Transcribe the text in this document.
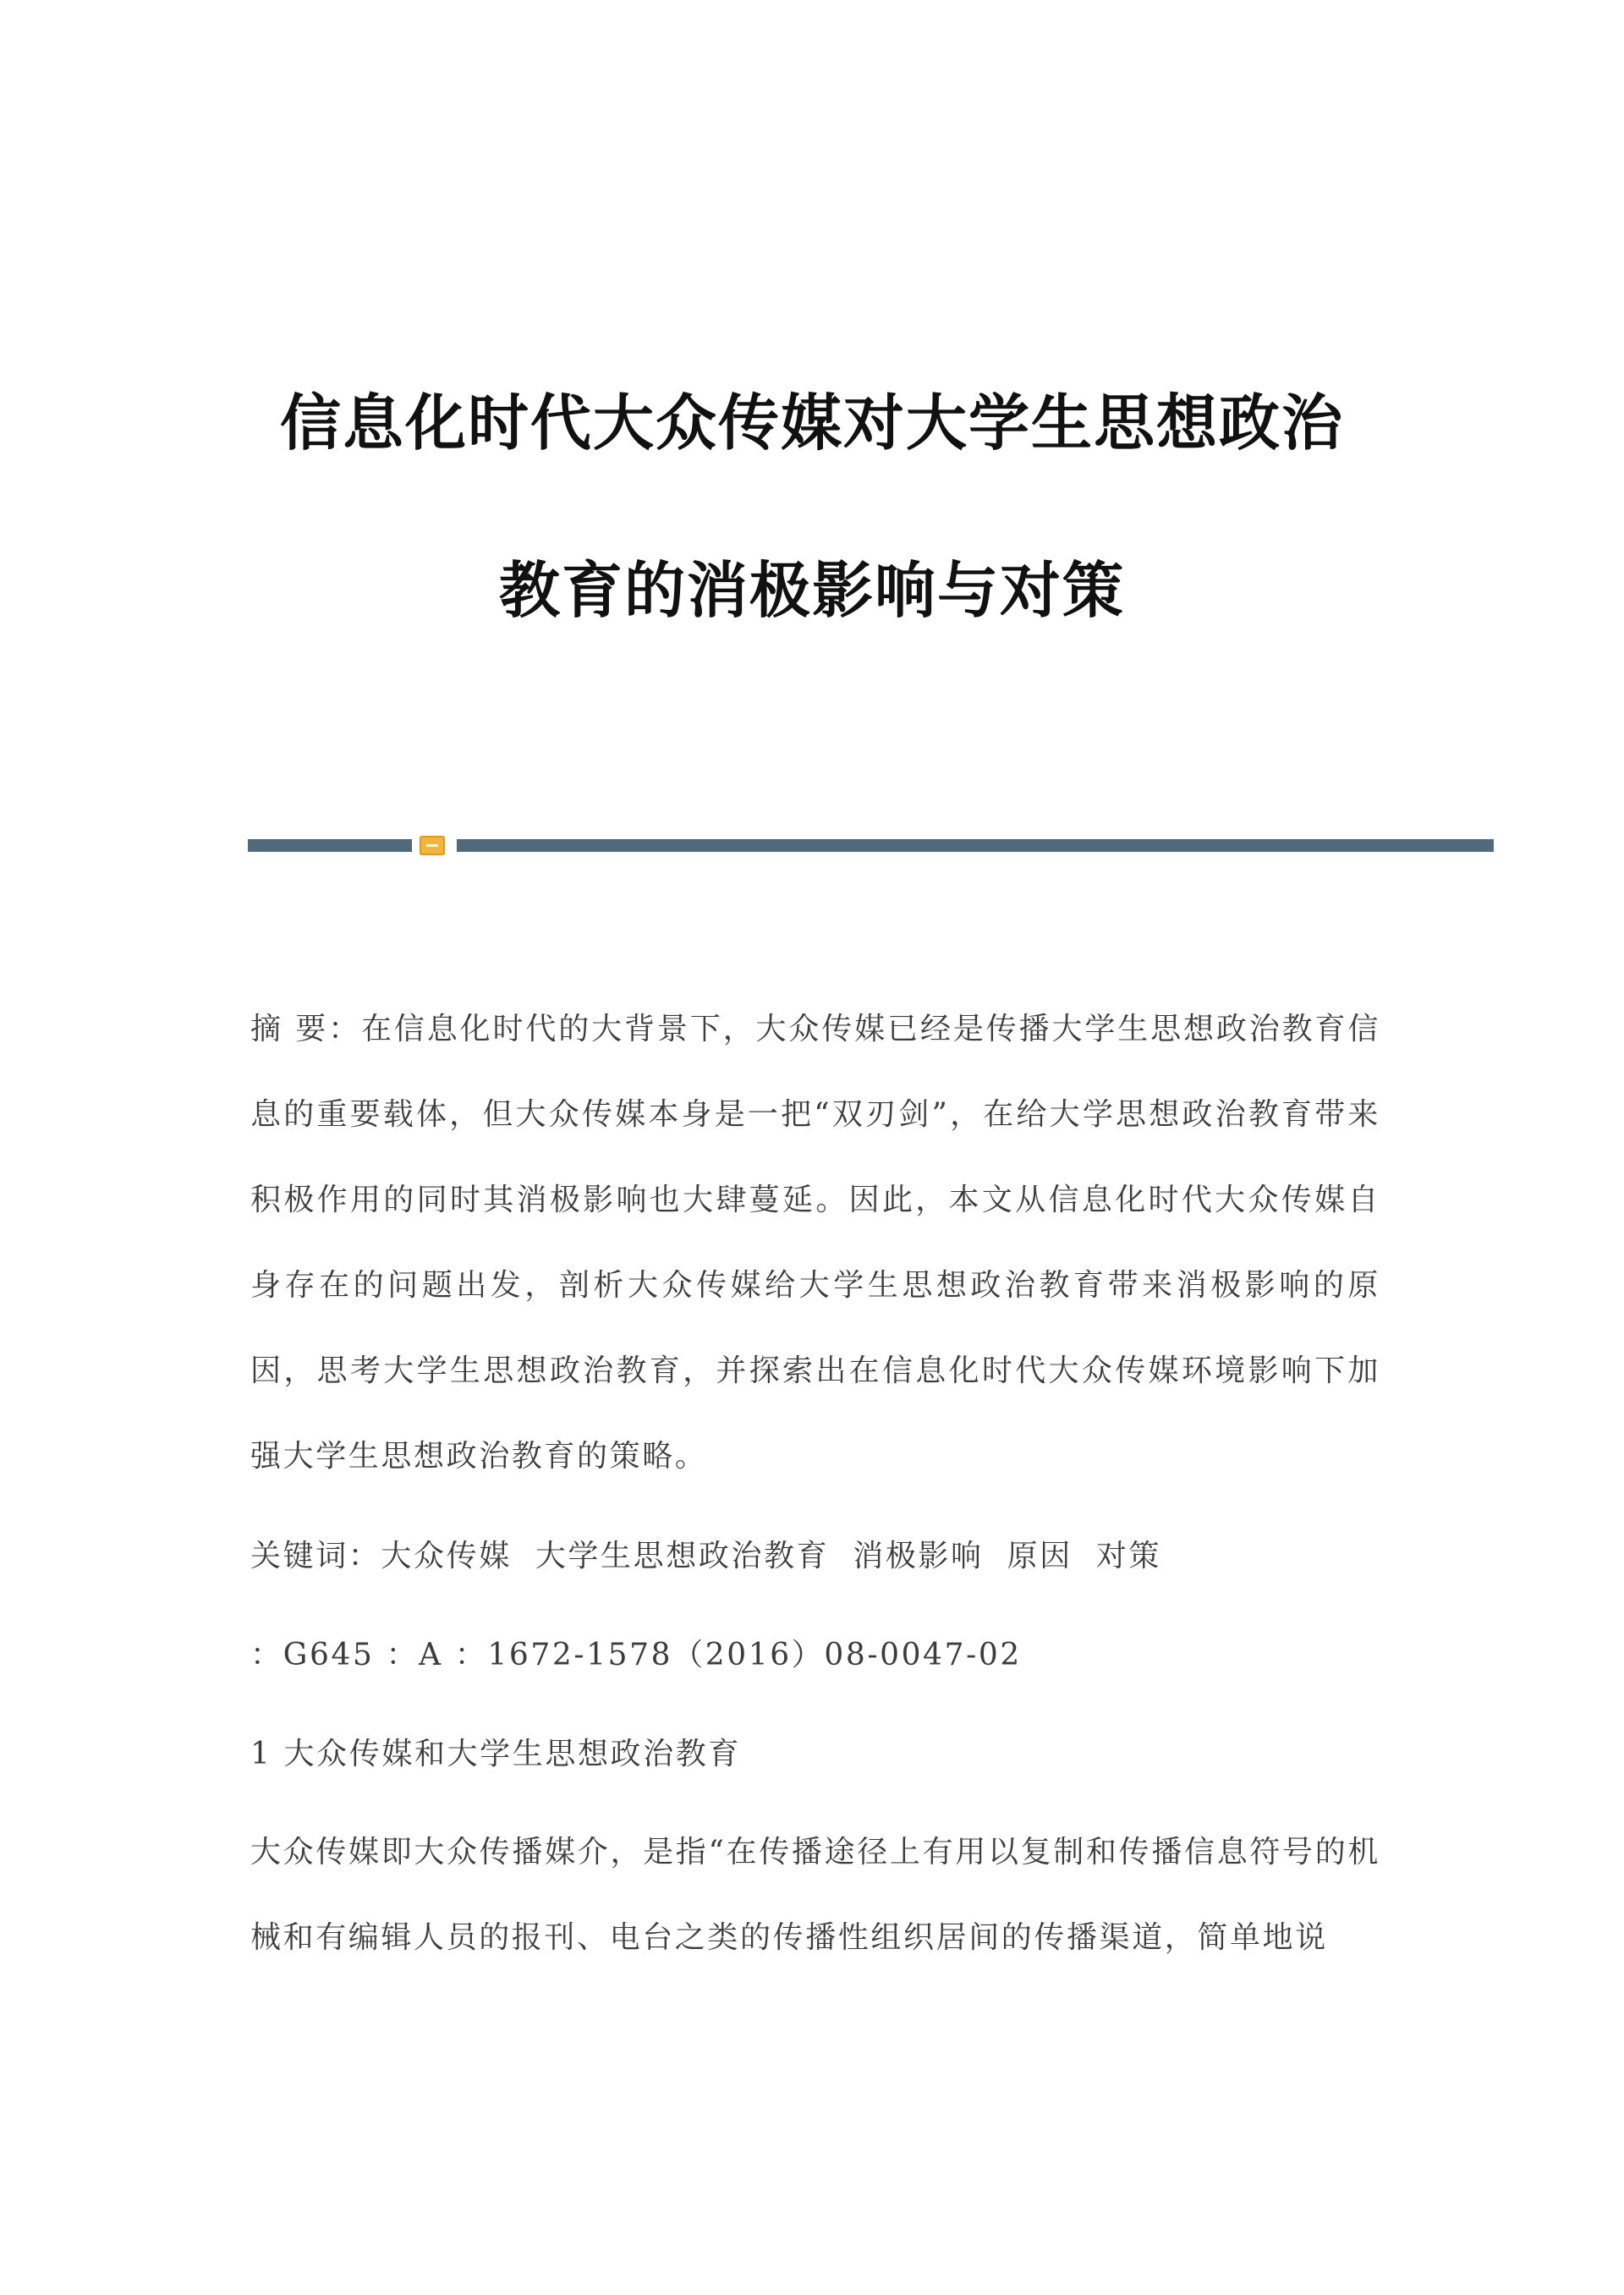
信息化时代大众传媒对大学生思想政治
教育的消极影响与对策
摘 要：在信息化时代的大背景下，大众传媒已经是传播大学生思想政治教育信息的重要载体，但大众传媒本身是一把“双刃剑”，在给大学思想政治教育带来积极作用的同时其消极影响也大肆蔓延。因此，本文从信息化时代大众传媒自身存在的问题出发，剖析大众传媒给大学生思想政治教育带来消极影响的原因，思考大学生思想政治教育，并探索出在信息化时代大众传媒环境影响下加强大学生思想政治教育的策略。
关键词：大众传媒 大学生思想政治教育 消极影响 原因 对策
：G645 ：A ：1672-1578（2016）08-0047-02
1 大众传媒和大学生思想政治教育
大众传媒即大众传播媒介，是指“在传播途径上有用以复制和传播信息符号的机械和有编辑人员的报刊、电台之类的传播性组织居间的传播渠道，简单地说
